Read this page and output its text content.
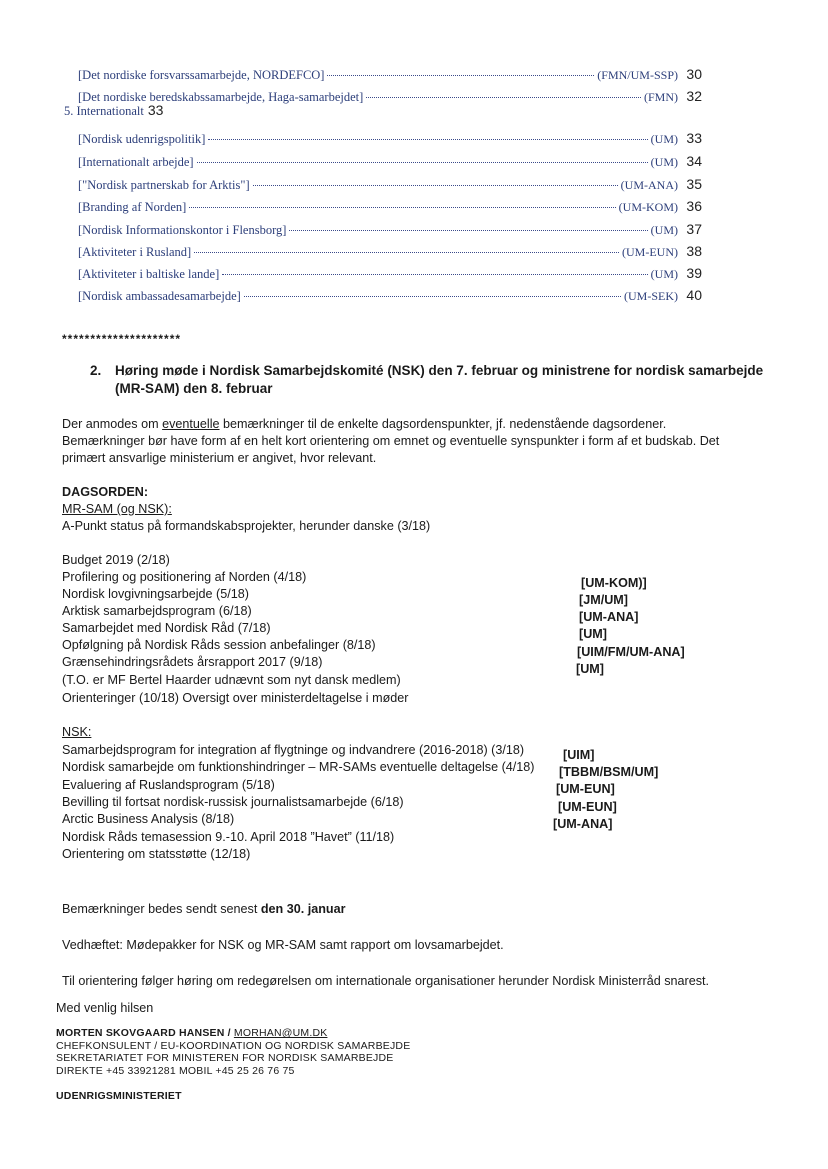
[Det nordiske forsvarssamarbejde, NORDEFCO]	(FMN/UM-SSP) 30
[Det nordiske beredskabssamarbejde, Haga-samarbejdet]	(FMN) 32
5. Internationalt 33
[Nordisk udenrigspolitik]	(UM) 33
[Internationalt arbejde]	(UM) 34
["Nordisk partnerskab for Arktis"]	(UM-ANA) 35
[Branding af Norden]	(UM-KOM) 36
[Nordisk Informationskontor i Flensborg]	(UM) 37
[Aktiviteter i Rusland]	(UM-EUN) 38
[Aktiviteter i baltiske lande]	(UM) 39
[Nordisk ambassadesamarbejde]	(UM-SEK) 40
*********************
2. Høring møde i Nordisk Samarbejdskomité (NSK) den 7. februar og ministrene for nordisk samarbejde (MR-SAM) den 8. februar
Der anmodes om eventuelle bemærkninger til de enkelte dagsordenspunkter, jf. nedenstående dagsordener.
Bemærkninger bør have form af en helt kort orientering om emnet og eventuelle synspunkter i form af et budskab. Det primært ansvarlige ministerium er angivet, hvor relevant.
DAGSORDEN:
MR-SAM (og NSK):
A-Punkt status på formandskabsprojekter, herunder danske (3/18)
Budget 2019 (2/18)
Profilering og positionering af Norden (4/18)	[UM-KOM)]
Nordisk lovgivningsarbejde (5/18)	[JM/UM]
Arktisk samarbejdsprogram (6/18)	[UM-ANA]
Samarbejdet med Nordisk Råd (7/18)	[UM]
Opfølgning på Nordisk Råds session anbefalinger (8/18)	[UIM/FM/UM-ANA]
Grænsehindringsrådets årsrapport 2017 (9/18)	[UM]
(T.O. er MF Bertel Haarder udnævnt som nyt dansk medlem)
Orienteringer (10/18) Oversigt over ministerdeltagelse i møder
NSK:
Samarbejdsprogram for integration af flygtninge og indvandrere (2016-2018) (3/18)	[UIM]
Nordisk samarbejde om funktionshindringer – MR-SAMs eventuelle deltagelse (4/18) [TBBM/BSM/UM]
Evaluering af Ruslandsprogram (5/18)	[UM-EUN]
Bevilling til fortsat nordisk-russisk journalistsamarbejde (6/18)	[UM-EUN]
Arctic Business Analysis (8/18)	[UM-ANA]
Nordisk Råds temasession 9.-10. April 2018 ”Havet” (11/18)
Orientering om statsstøtte (12/18)
Bemærkninger bedes sendt senest den 30. januar
Vedhæftet: Mødepakker for NSK og MR-SAM samt rapport om lovsamarbejdet.
Til orientering følger høring om redegørelsen om internationale organisationer herunder Nordisk Ministerråd snarest.
Med venlig hilsen
MORTEN SKOVGAARD HANSEN / MORHAN@UM.DK
CHEFKONSULENT / EU-KOORDINATION OG NORDISK SAMARBEJDE
SEKRETARIATET FOR MINISTEREN FOR NORDISK SAMARBEJDE
DIREKTE +45 33921281 MOBIL +45 25 26 76 75
UDENRIGSMINISTERIET
